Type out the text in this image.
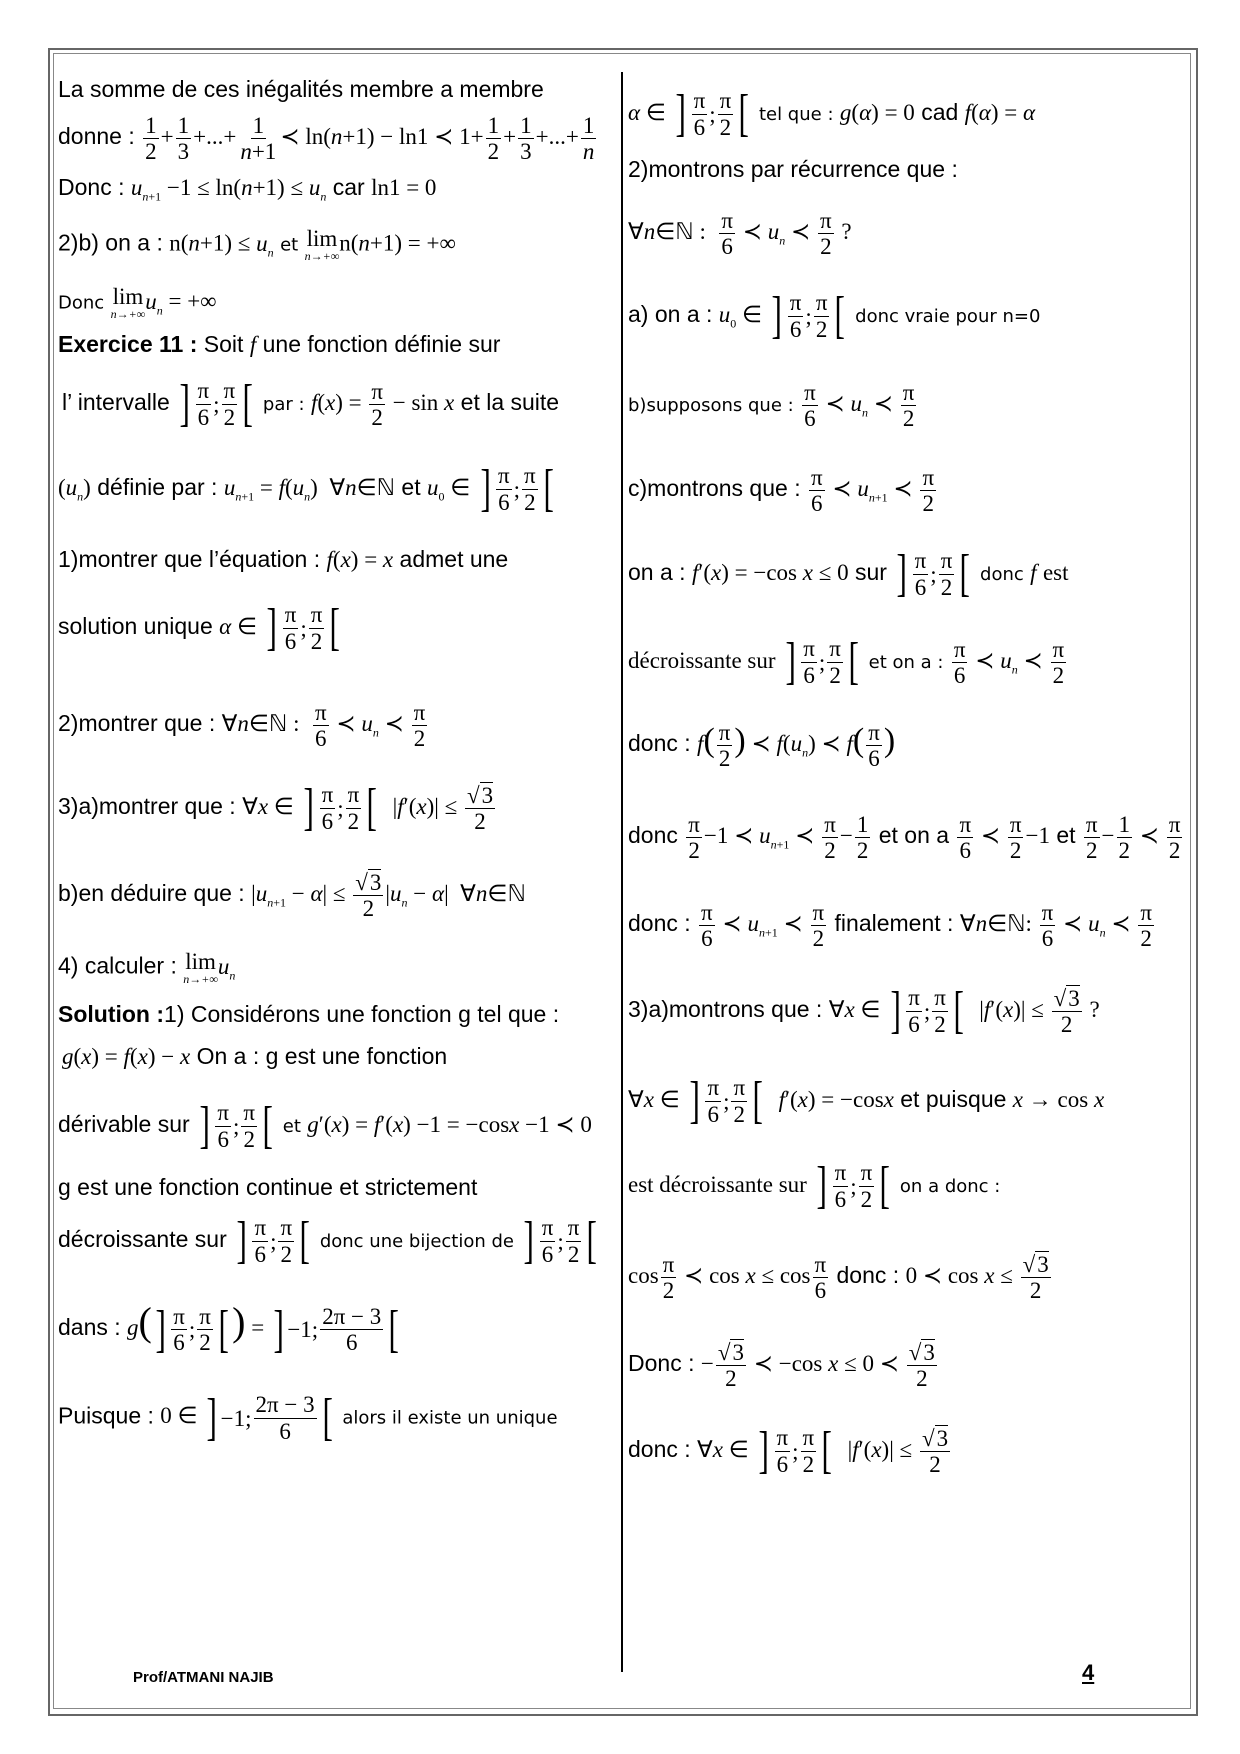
La somme de ces inégalités membre a membre
donne : $\frac{1}{2} + \frac{1}{3}$ +...+ $\frac{1}{n+1}$ ≺ ln(n+1) − ln1 ≺ $1+ \frac{1}{2} + \frac{1}{3}$ +...+ $\frac{1}{n}$
Donc : $u_{n+1} -1 \le \ln(n+1) \le u_n$ car ln1 = 0
2)b) on a : $n(n+1) \le u_n$ et lim
n→+∞
n(n+1) = +∞
Donc lim
n→+∞
$u_n$ = +∞
Exercice 11 : Soit f une fonction définie sur
l’ intervalle ] $\frac{\pi}{6}$ ; $\frac{\pi}{2}$ [ par : $f(x) = \frac{\pi}{2} - \sin x$ et la suite
$(u_n)$ définie par : $u_{n+1} = f(u_n)$  ∀n∈ℕ et $u_0$ ∈ ] $\frac{\pi}{6}$ ; $\frac{\pi}{2}$ [
1)montrer que l’équation : f(x) = x admet une
solution unique α ∈ ] $\frac{\pi}{6}$ ; $\frac{\pi}{2}$ [
2)montrer que : ∀n∈ℕ : $\frac{\pi}{6}$ ≺ $u_n$ ≺ $\frac{\pi}{2}$
3)a)montrer que : ∀x ∈ ] $\frac{\pi}{6}$ ; $\frac{\pi}{2}$ [ $|f'(x)| \le \frac{√3}{2}$
b)en déduire que : $|u_{n+1} - \alpha| \le \frac{√3}{2} |u_n - \alpha|$  ∀n∈ℕ
4) calculer : lim
n→+∞
$u_n$
Solution :1) Considérons une fonction g tel que :
g(x) = f(x) − x On a : g est une fonction
dérivable sur ] $\frac{\pi}{6}$ ; $\frac{\pi}{2}$ [ et g′(x) = f′(x) −1 = −cosx −1 ≺ 0
g est une fonction continue et strictement
décroissante sur ] $\frac{\pi}{6}$ ; $\frac{\pi}{2}$ [ donc une bijection de ] $\frac{\pi}{6}$ ; $\frac{\pi}{2}$ [
dans : g( ] $\frac{\pi}{6}$ ; $\frac{\pi}{2}$ [ ) = ] −1; $\frac{2\pi - 3}{6}$ [
Puisque : 0 ∈ ] −1; $\frac{2\pi - 3}{6}$ [ alors il existe un unique
α ∈ ] $\frac{\pi}{6}$ ; $\frac{\pi}{2}$ [ tel que : g(α) = 0 cad f(α) = α
2)montrons par récurrence que :
∀n∈ℕ : $\frac{\pi}{6}$ ≺ $u_n$ ≺ $\frac{\pi}{2}$ ?
a) on a : $u_0$ ∈ ] $\frac{\pi}{6}$ ; $\frac{\pi}{2}$ [ donc vraie pour n=0
b)supposons que : $\frac{\pi}{6}$ ≺ $u_n$ ≺ $\frac{\pi}{2}$
c)montrons que : $\frac{\pi}{6}$ ≺ $u_{n+1}$ ≺ $\frac{\pi}{2}$
on a : f′(x) = −cos x ≤ 0 sur ] $\frac{\pi}{6}$ ; $\frac{\pi}{2}$ [ donc f est
décroissante sur ] $\frac{\pi}{6}$ ; $\frac{\pi}{2}$ [ et on a : $\frac{\pi}{6}$ ≺ $u_n$ ≺ $\frac{\pi}{2}$
donc : $f( \frac{\pi}{2}$ ) ≺ $f(u_n)$ ≺ $f( \frac{\pi}{6}$ )
donc $\frac{\pi}{2} -1$ ≺ $u_{n+1}$ ≺ $\frac{\pi}{2} - \frac{1}{2}$ et on a $\frac{\pi}{6}$ ≺ $\frac{\pi}{2} -1$ et $\frac{\pi}{2} - \frac{1}{2}$ ≺ $\frac{\pi}{2}$
donc : $\frac{\pi}{6}$ ≺ $u_{n+1}$ ≺ $\frac{\pi}{2}$ finalement : ∀n∈ℕ: $\frac{\pi}{6}$ ≺ $u_n$ ≺ $\frac{\pi}{2}$
3)a)montrons que : ∀x ∈ ] $\frac{\pi}{6}$ ; $\frac{\pi}{2}$ [ $|f'(x)| \le \frac{√3}{2}$ ?
∀x ∈ ] $\frac{\pi}{6}$ ; $\frac{\pi}{2}$ [ f′(x) = −cosx et puisque x → cos x
est décroissante sur ] $\frac{\pi}{6}$ ; $\frac{\pi}{2}$ [ on a donc :
$\cos \frac{\pi}{2}$ ≺ $\cos x \le \cos \frac{\pi}{6}$ donc : 0 ≺ $\cos x \le \frac{√3}{2}$
Donc : − $\frac{√3}{2}$ ≺ −cos x ≤ 0 ≺ $\frac{√3}{2}$
donc : ∀x ∈ ] $\frac{\pi}{6}$ ; $\frac{\pi}{2}$ [ $|f'(x)| \le \frac{√3}{2}$
Prof/ATMANI NAJIB	4
